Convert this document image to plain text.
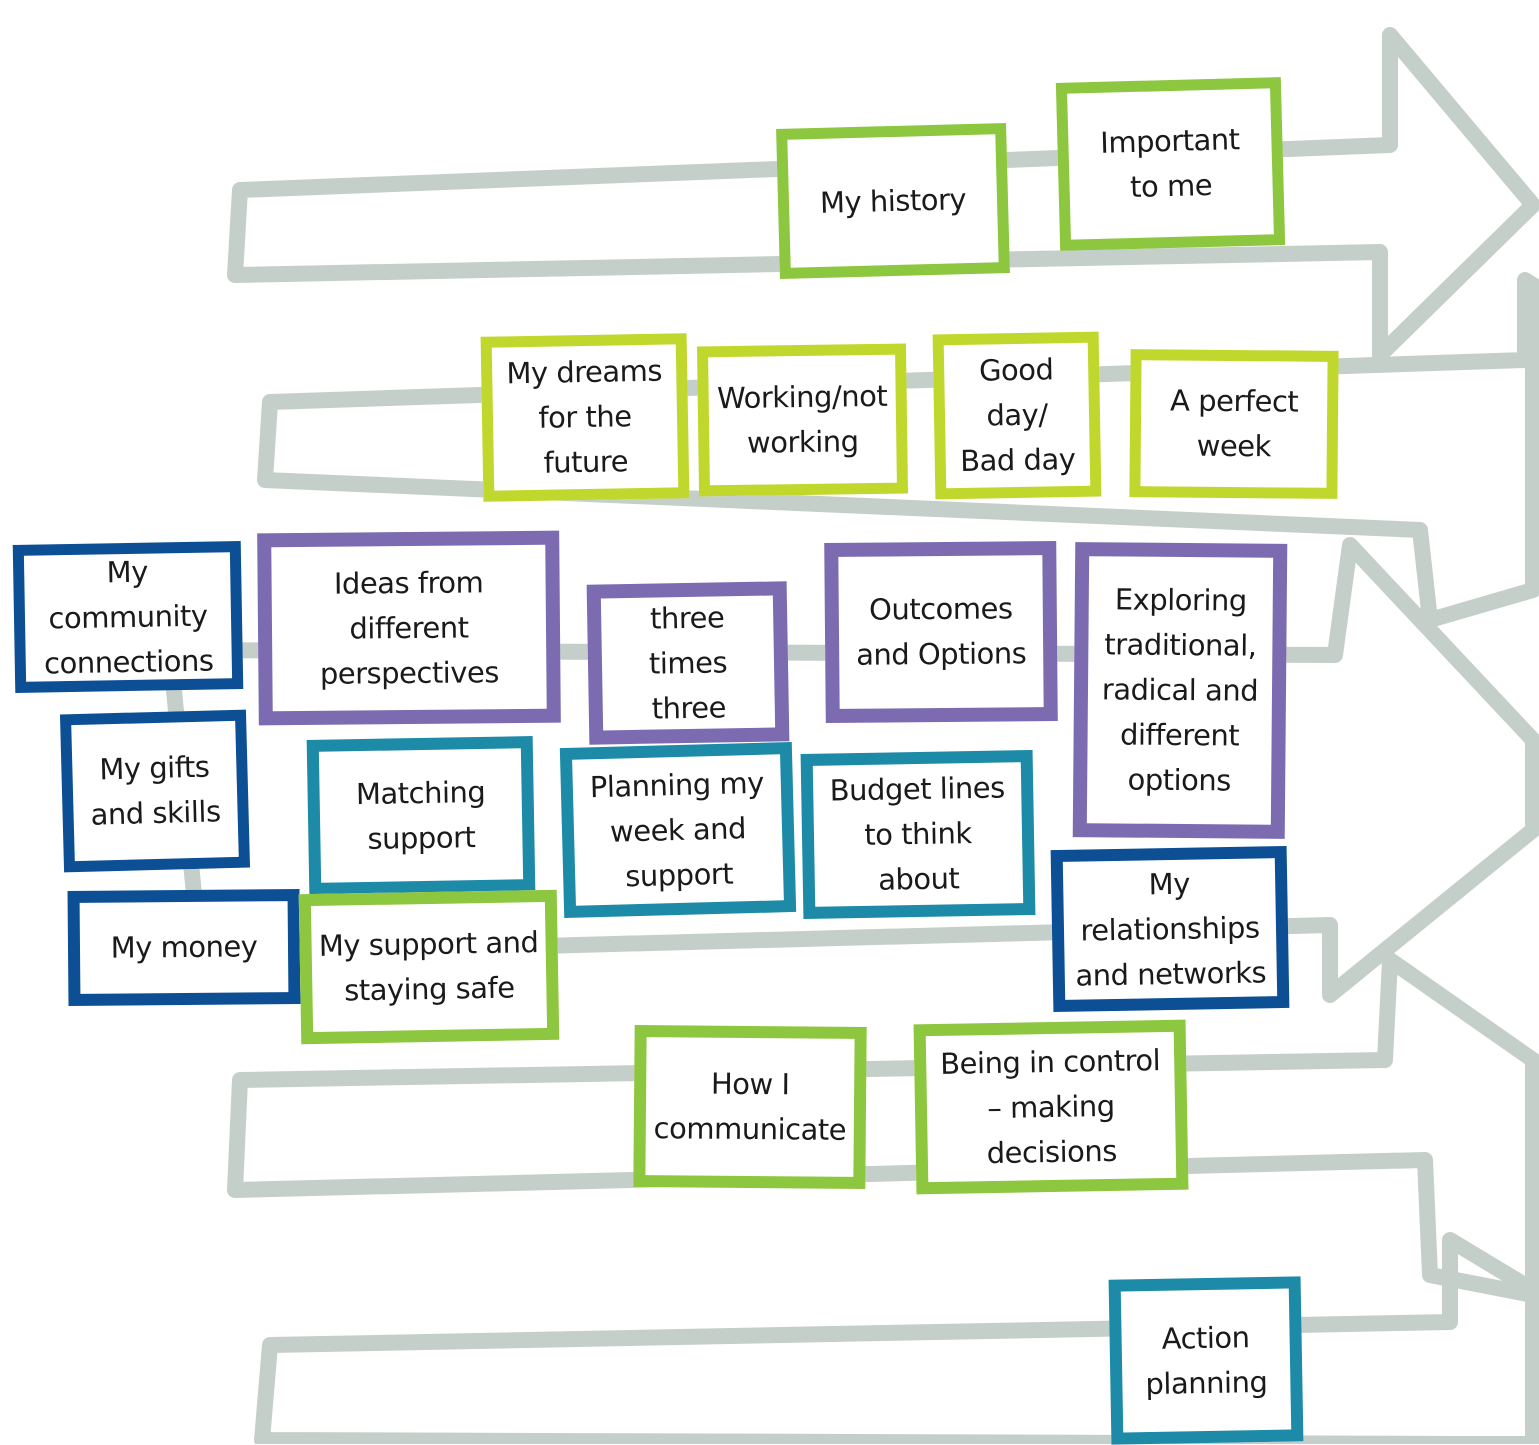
My history
Important
to me
My dreams
for the
future
Working/not
working
Good day/
Bad day
A perfect
week
My community
connections
Ideas from
different
perspectives
three
times
three
Outcomes
and Options
Exploring
traditional,
radical and
different
options
My gifts
and skills
Matching
support
Planning my
week and
support
Budget lines
to think
about	My
relationships
and networks
My money My support and
staying safe
How I
communicate
Being in control
– making
decisions
Action
planning
